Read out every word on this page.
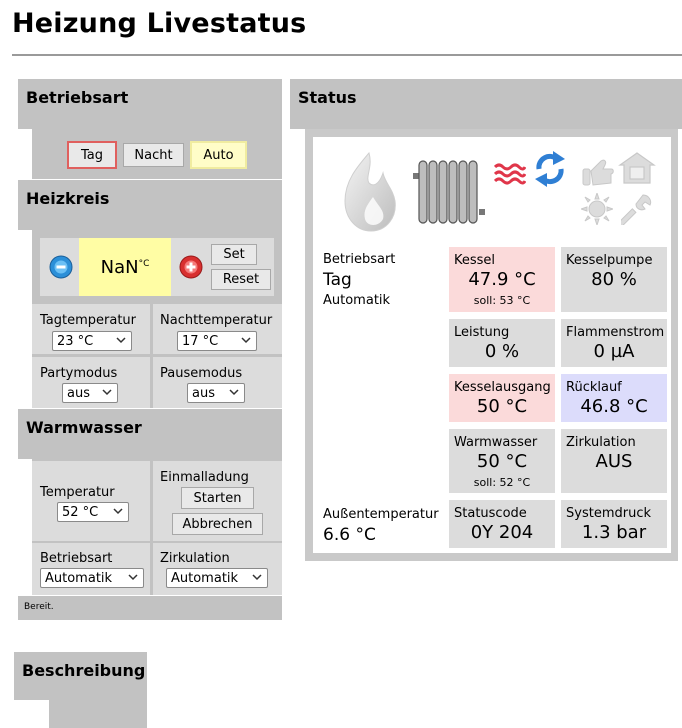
Heizung Livestatus
Betriebsart
Tag	Nacht	Auto
Heizkreis
NaN °C
Set
Reset
Tagtemperatur
23 °C
Nachttemperatur
17 °C
Partymodus
aus
Pausemodus
aus
Warmwasser
Temperatur
52 °C
Einmalladung
Starten
Abbrechen
Betriebsart
Automatik
Zirkulation
Automatik
Bereit.
Beschreibung
Status
Betriebsart
Tag
Automatik
Außentemperatur
6.6 °C
Kessel
47.9 °C
soll: 53 °C
Kesselpumpe
80 %
Leistung
0 %
Flammenstrom
0 µA
Kesselausgang
50 °C
Rücklauf
46.8 °C
Warmwasser
50 °C
soll: 52 °C
Zirkulation
AUS
Statuscode
0Y 204
Systemdruck
1.3 bar
